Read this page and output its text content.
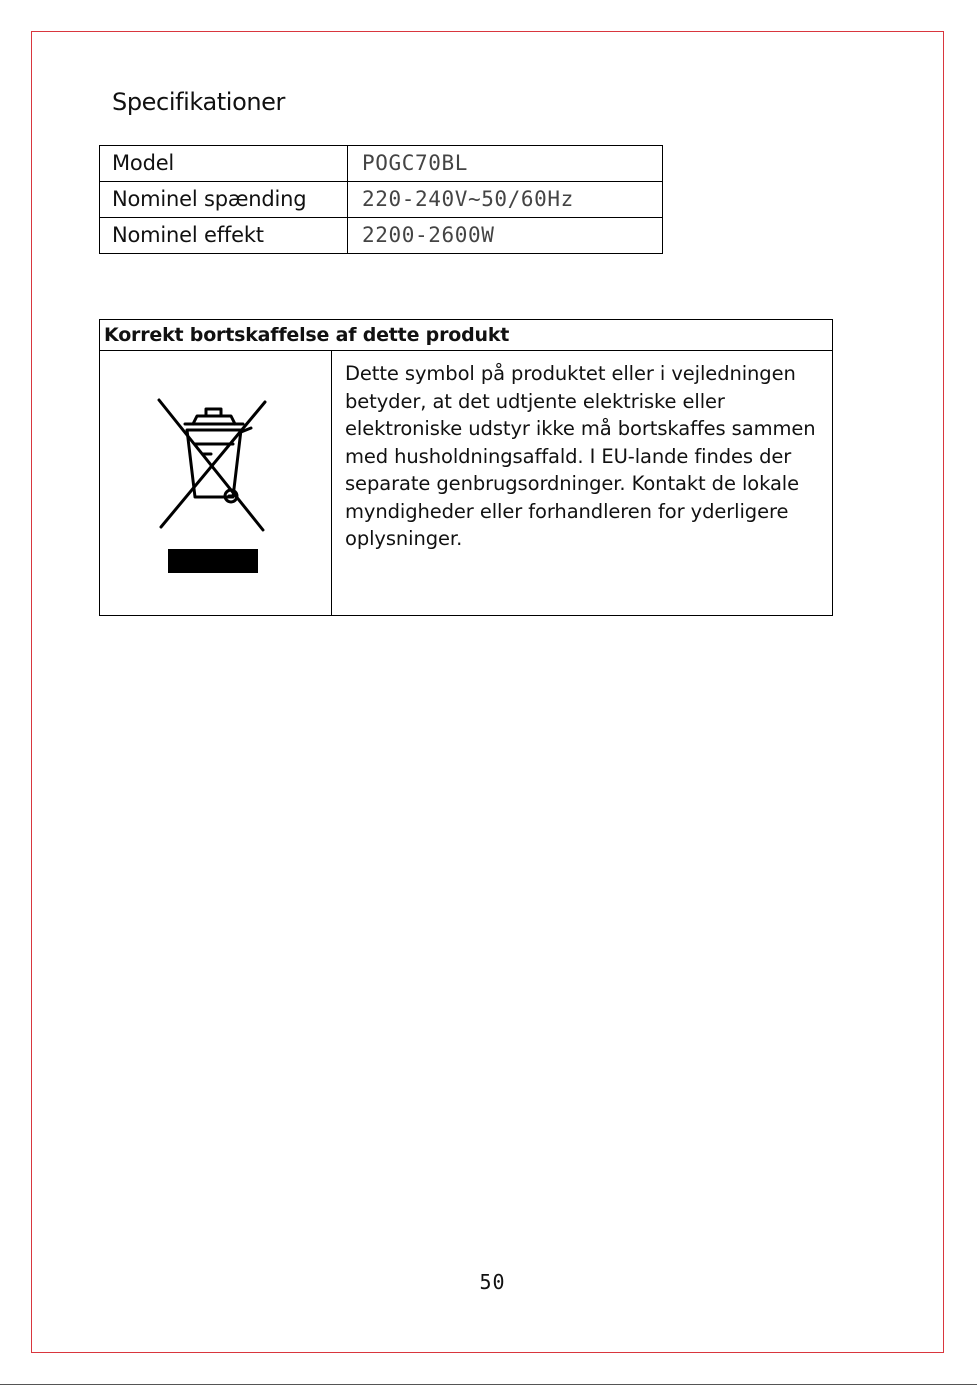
Specifikationer
Model	POGC70BL
Nominel spænding	220-240V~50/60Hz
Nominel effekt	2200-2600W
Korrekt bortskaffelse af dette produkt

	Dette symbol på produktet eller i vejledningen betyder, at det udtjente elektriske eller elektroniske udstyr ikke må bortskaffes sammen med husholdningsaffald. I EU-lande findes der separate genbrugsordninger. Kontakt de lokale myndigheder eller forhandleren for yderligere oplysninger.
50
